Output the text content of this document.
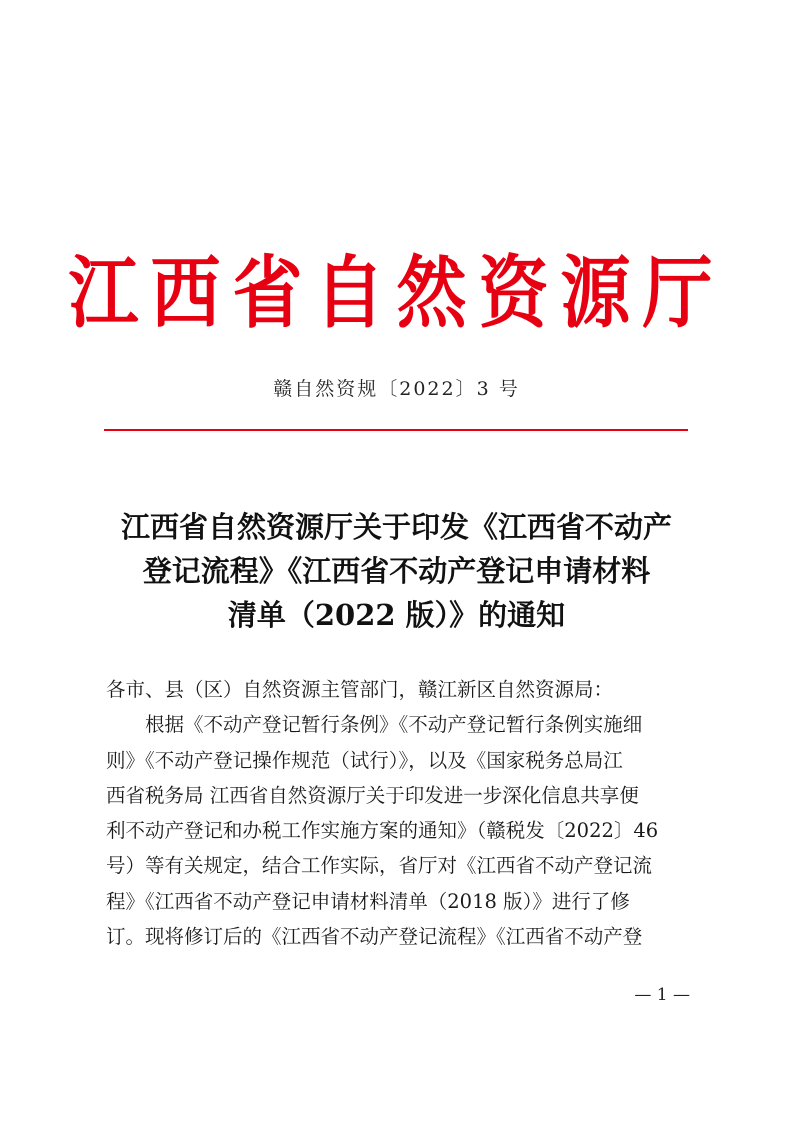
江西省自然资源厅
赣自然资规〔2022〕3 号
江西省自然资源厅关于印发《江西省不动产
登记流程》《江西省不动产登记申请材料
清单（2022 版）》的通知
各市、县（区）自然资源主管部门，赣江新区自然资源局：
根据《不动产登记暂行条例》《不动产登记暂行条例实施细
则》《不动产登记操作规范（试行）》，以及《国家税务总局江
西省税务局 江西省自然资源厅关于印发进一步深化信息共享便
利不动产登记和办税工作实施方案的通知》（赣税发〔2022〕46
号）等有关规定，结合工作实际，省厅对《江西省不动产登记流
程》《江西省不动产登记申请材料清单（2018 版）》进行了修
订。现将修订后的《江西省不动产登记流程》《江西省不动产登
— 1 —
